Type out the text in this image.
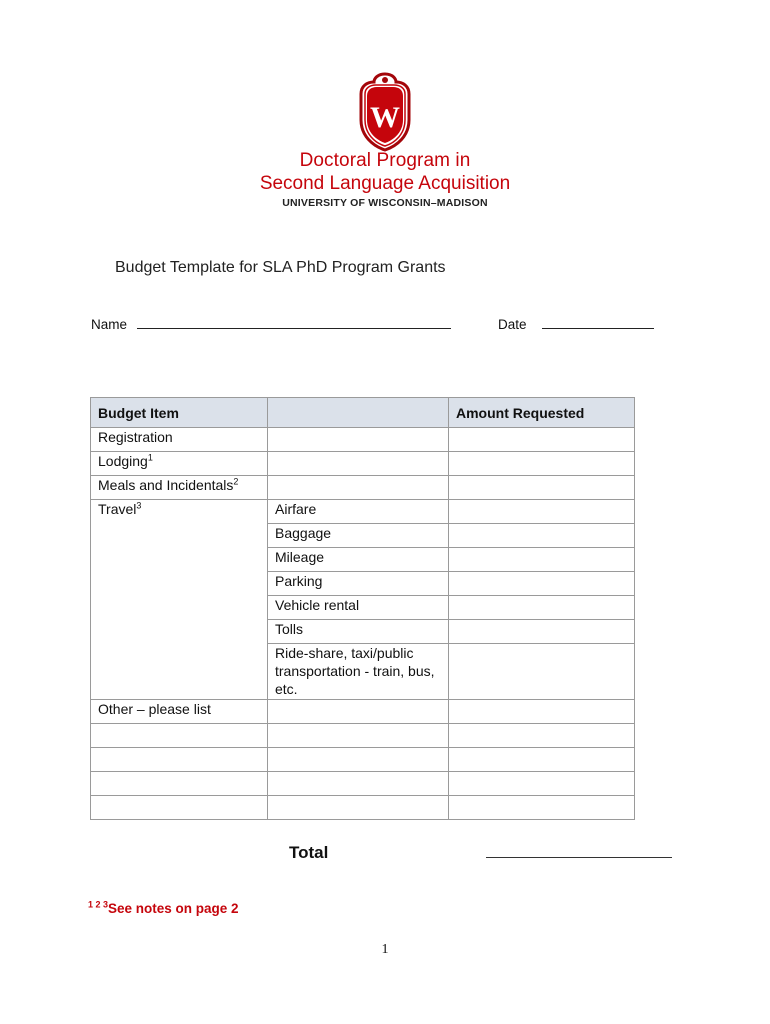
W
Doctoral Program in
Second Language Acquisition
UNIVERSITY OF WISCONSIN–MADISON
Budget Template for SLA PhD Program Grants
Name	Date
Budget Item		Amount Requested
Registration		
Lodging$^1$		
Meals and Incidentals$^2$		
Travel$^3$	Airfare	
	Baggage	
	Mileage	
	Parking	
	Vehicle rental	
	Tolls	
	Ride-share, taxi/public transportation - train, bus, etc.	
Other – please list		

Total
$^{1 2 3}$See notes on page 2
1
